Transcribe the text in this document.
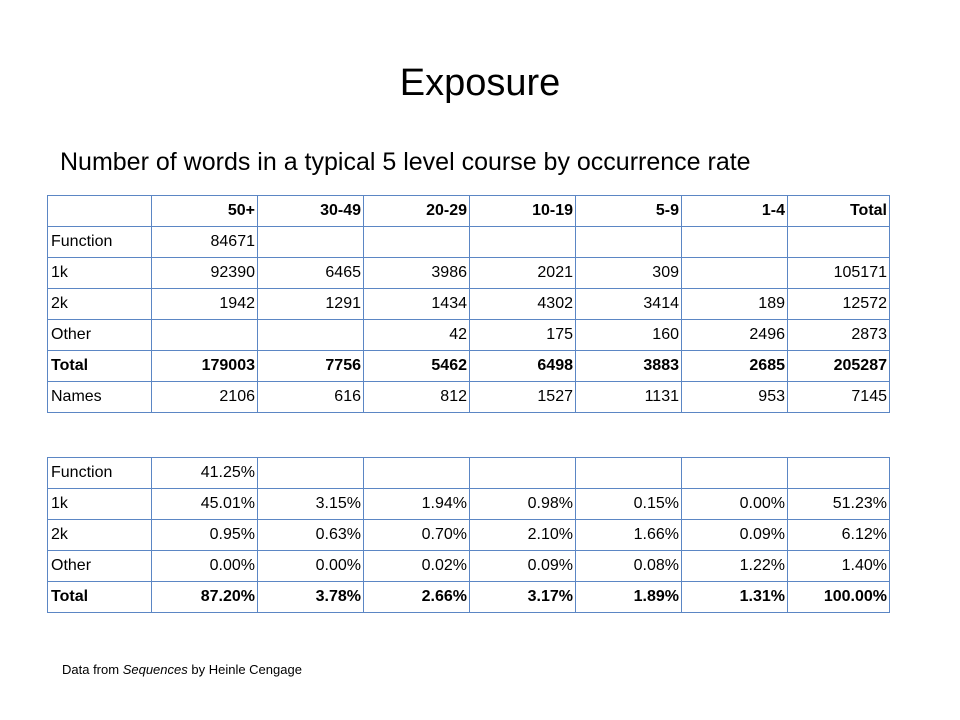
Exposure
Number of words in a typical 5 level course by occurrence rate
	50+	30-49	20-29	10-19	5-9	1-4	Total
Function	84671						
1k	92390	6465	3986	2021	309		105171
2k	1942	1291	1434	4302	3414	189	12572
Other			42	175	160	2496	2873
Total	179003	7756	5462	6498	3883	2685	205287
Names	2106	616	812	1527	1131	953	7145
Function	41.25%						
1k	45.01%	3.15%	1.94%	0.98%	0.15%	0.00%	51.23%
2k	0.95%	0.63%	0.70%	2.10%	1.66%	0.09%	6.12%
Other	0.00%	0.00%	0.02%	0.09%	0.08%	1.22%	1.40%
Total	87.20%	3.78%	2.66%	3.17%	1.89%	1.31%	100.00%
Data from Sequences by Heinle Cengage
